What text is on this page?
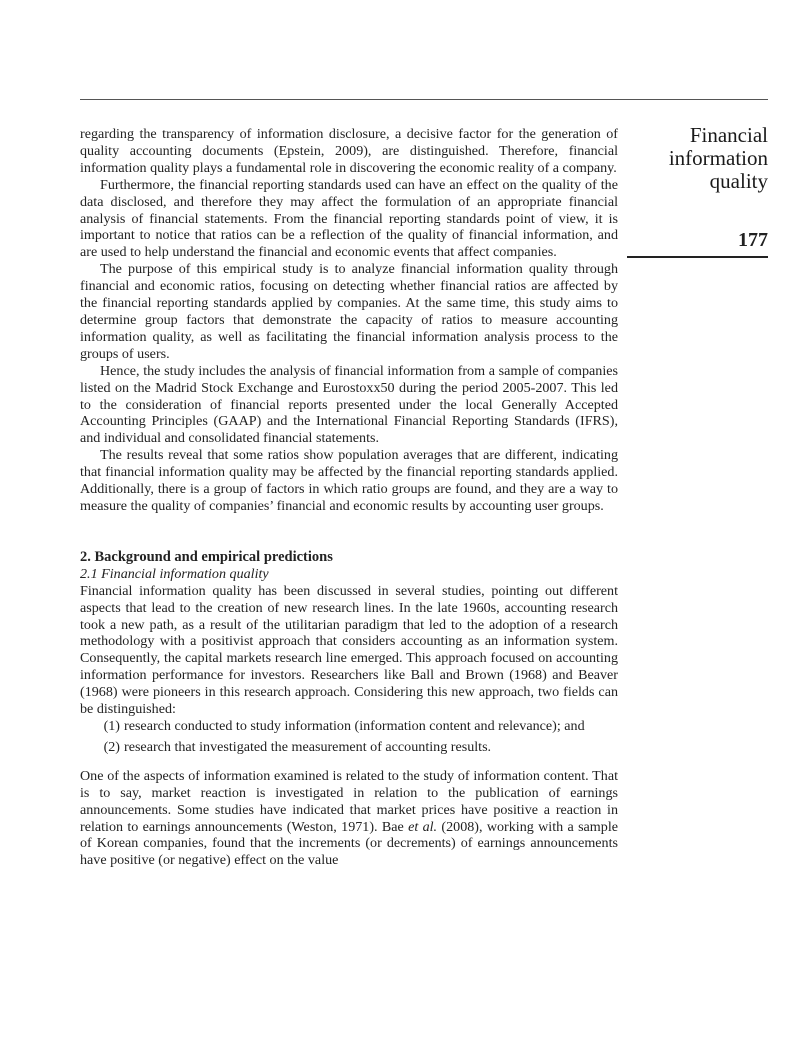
Financial
information
quality
177

regarding the transparency of information disclosure, a decisive factor for the generation of quality accounting documents (Epstein, 2009), are distinguished. Therefore, financial information quality plays a fundamental role in discovering the economic reality of a company.

Furthermore, the financial reporting standards used can have an effect on the quality of the data disclosed, and therefore they may affect the formulation of an appropriate financial analysis of financial statements. From the financial reporting standards point of view, it is important to notice that ratios can be a reflection of the quality of financial information, and are used to help understand the financial and economic events that affect companies.

The purpose of this empirical study is to analyze financial information quality through financial and economic ratios, focusing on detecting whether financial ratios are affected by the financial reporting standards applied by companies. At the same time, this study aims to determine group factors that demonstrate the capacity of ratios to measure accounting information quality, as well as facilitating the financial information analysis process to the groups of users.

Hence, the study includes the analysis of financial information from a sample of companies listed on the Madrid Stock Exchange and Eurostoxx50 during the period 2005-2007. This led to the consideration of financial reports presented under the local Generally Accepted Accounting Principles (GAAP) and the International Financial Reporting Standards (IFRS), and individual and consolidated financial statements.

The results reveal that some ratios show population averages that are different, indicating that financial information quality may be affected by the financial reporting standards applied. Additionally, there is a group of factors in which ratio groups are found, and they are a way to measure the quality of companies’ financial and economic results by accounting user groups.

2. Background and empirical predictions
2.1 Financial information quality

Financial information quality has been discussed in several studies, pointing out different aspects that lead to the creation of new research lines. In the late 1960s, accounting research took a new path, as a result of the utilitarian paradigm that led to the adoption of a research methodology with a positivist approach that considers accounting as an information system. Consequently, the capital markets research line emerged. This approach focused on accounting information performance for investors. Researchers like Ball and Brown (1968) and Beaver (1968) were pioneers in this research approach. Considering this new approach, two fields can be distinguished:

(1) research conducted to study information (information content and relevance); and
(2) research that investigated the measurement of accounting results.

One of the aspects of information examined is related to the study of information content. That is to say, market reaction is investigated in relation to the publication of earnings announcements. Some studies have indicated that market prices have positive a reaction in relation to earnings announcements (Weston, 1971). Bae et al. (2008), working with a sample of Korean companies, found that the increments (or decrements) of earnings announcements have positive (or negative) effect on the value
